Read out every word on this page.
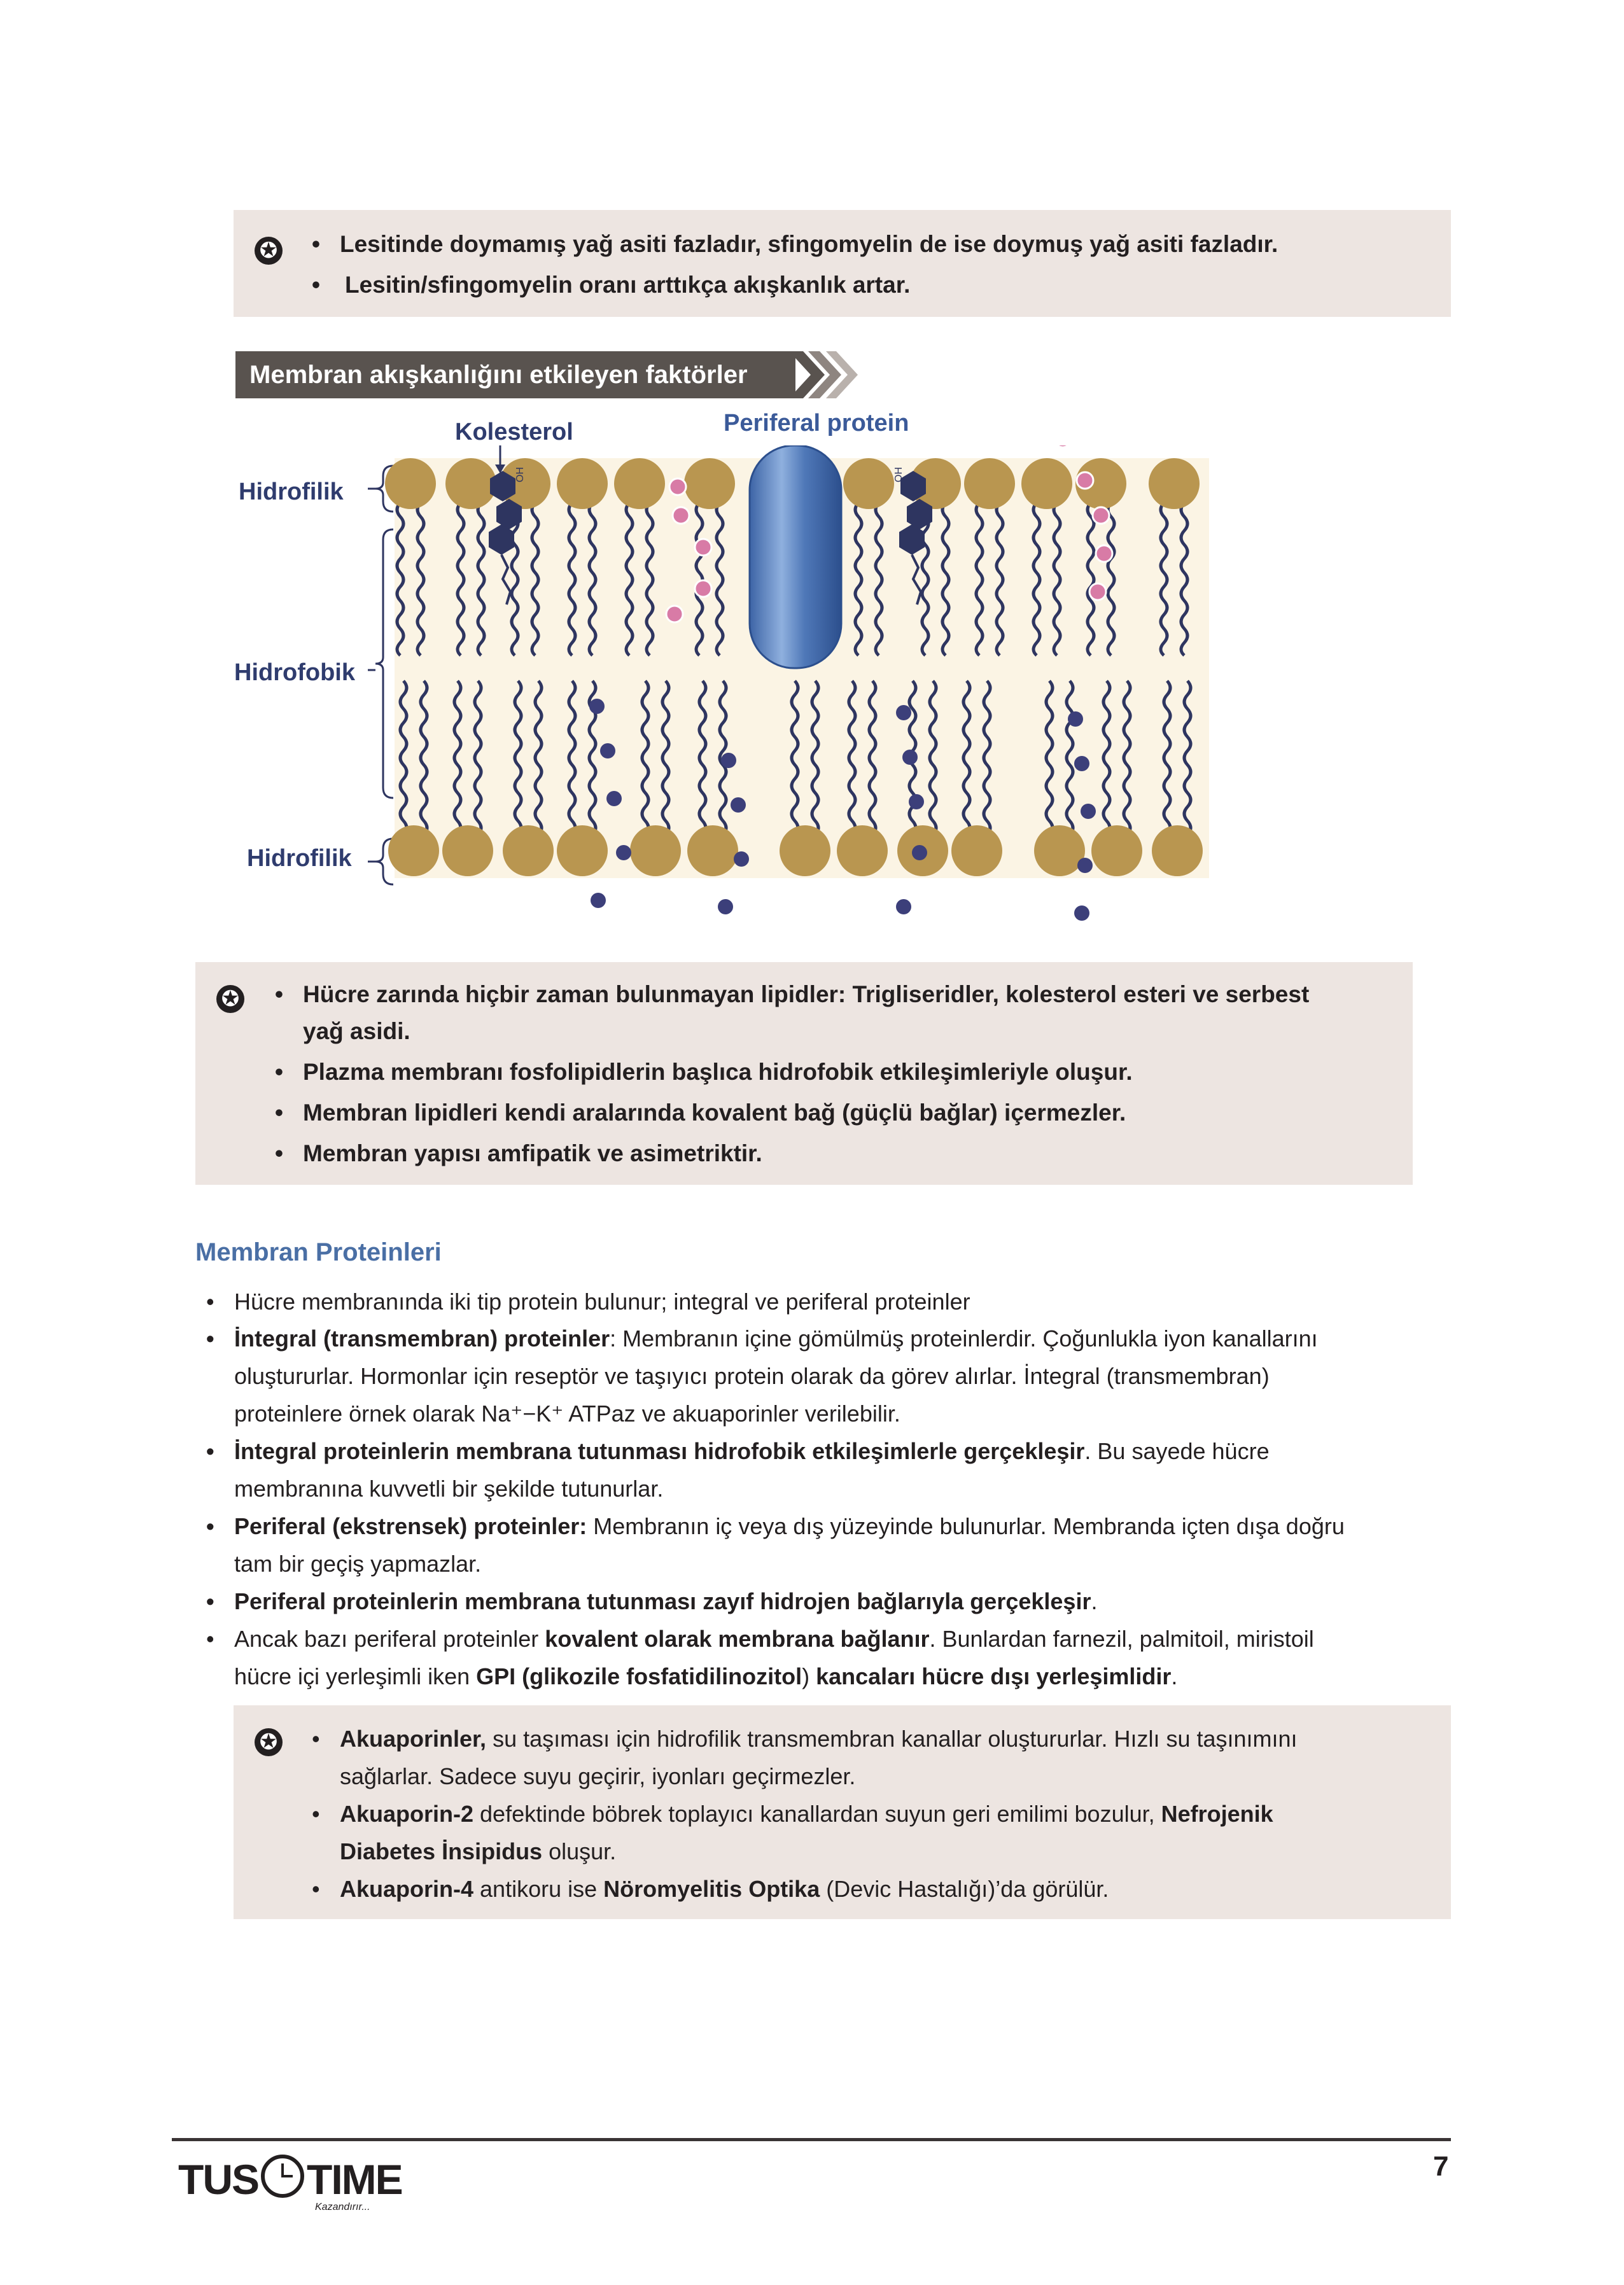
✪ • Lesitinde doymamış yağ asiti fazladır, sfingomyelin de ise doymuş yağ asiti fazladır.
• Lesitin/sfingomyelin oranı arttıkça akışkanlık artar.
Membran akışkanlığını etkileyen faktörler
Kolesterol	Periferal protein
Hidrofilik
Hidrofobik
Hidrofilik
OH	OH
✪ • Hücre zarında hiçbir zaman bulunmayan lipidler: Trigliseridler, kolesterol esteri ve serbest
yağ asidi.
• Plazma membranı fosfolipidlerin başlıca hidrofobik etkileşimleriyle oluşur.
• Membran lipidleri kendi aralarında kovalent bağ (güçlü bağlar) içermezler.
• Membran yapısı amfipatik ve asimetriktir.
Membran Proteinleri
• Hücre membranında iki tip protein bulunur; integral ve periferal proteinler
• İntegral (transmembran) proteinler: Membranın içine gömülmüş proteinlerdir. Çoğunlukla iyon kanallarını
oluştururlar. Hormonlar için reseptör ve taşıyıcı protein olarak da görev alırlar. İntegral (transmembran)
proteinlere örnek olarak Na⁺−K⁺ ATPaz ve akuaporinler verilebilir.
• İntegral proteinlerin membrana tutunması hidrofobik etkileşimlerle gerçekleşir. Bu sayede hücre
membranına kuvvetli bir şekilde tutunurlar.
• Periferal (ekstrensek) proteinler: Membranın iç veya dış yüzeyinde bulunurlar. Membranda içten dışa doğru
tam bir geçiş yapmazlar.
• Periferal proteinlerin membrana tutunması zayıf hidrojen bağlarıyla gerçekleşir.
• Ancak bazı periferal proteinler kovalent olarak membrana bağlanır. Bunlardan farnezil, palmitoil, miristoil
hücre içi yerleşimli iken GPI (glikozile fosfatidilinozitol) kancaları hücre dışı yerleşimlidir.
✪ • Akuaporinler, su taşıması için hidrofilik transmembran kanallar oluştururlar. Hızlı su taşınımını
sağlarlar. Sadece suyu geçirir, iyonları geçirmezler.
• Akuaporin-2 defektinde böbrek toplayıcı kanallardan suyun geri emilimi bozulur, Nefrojenik
Diabetes İnsipidus oluşur.
• Akuaporin-4 antikoru ise Nöromyelitis Optika (Devic Hastalığı)’da görülür.
TUS TIME
Kazandırır...
7
